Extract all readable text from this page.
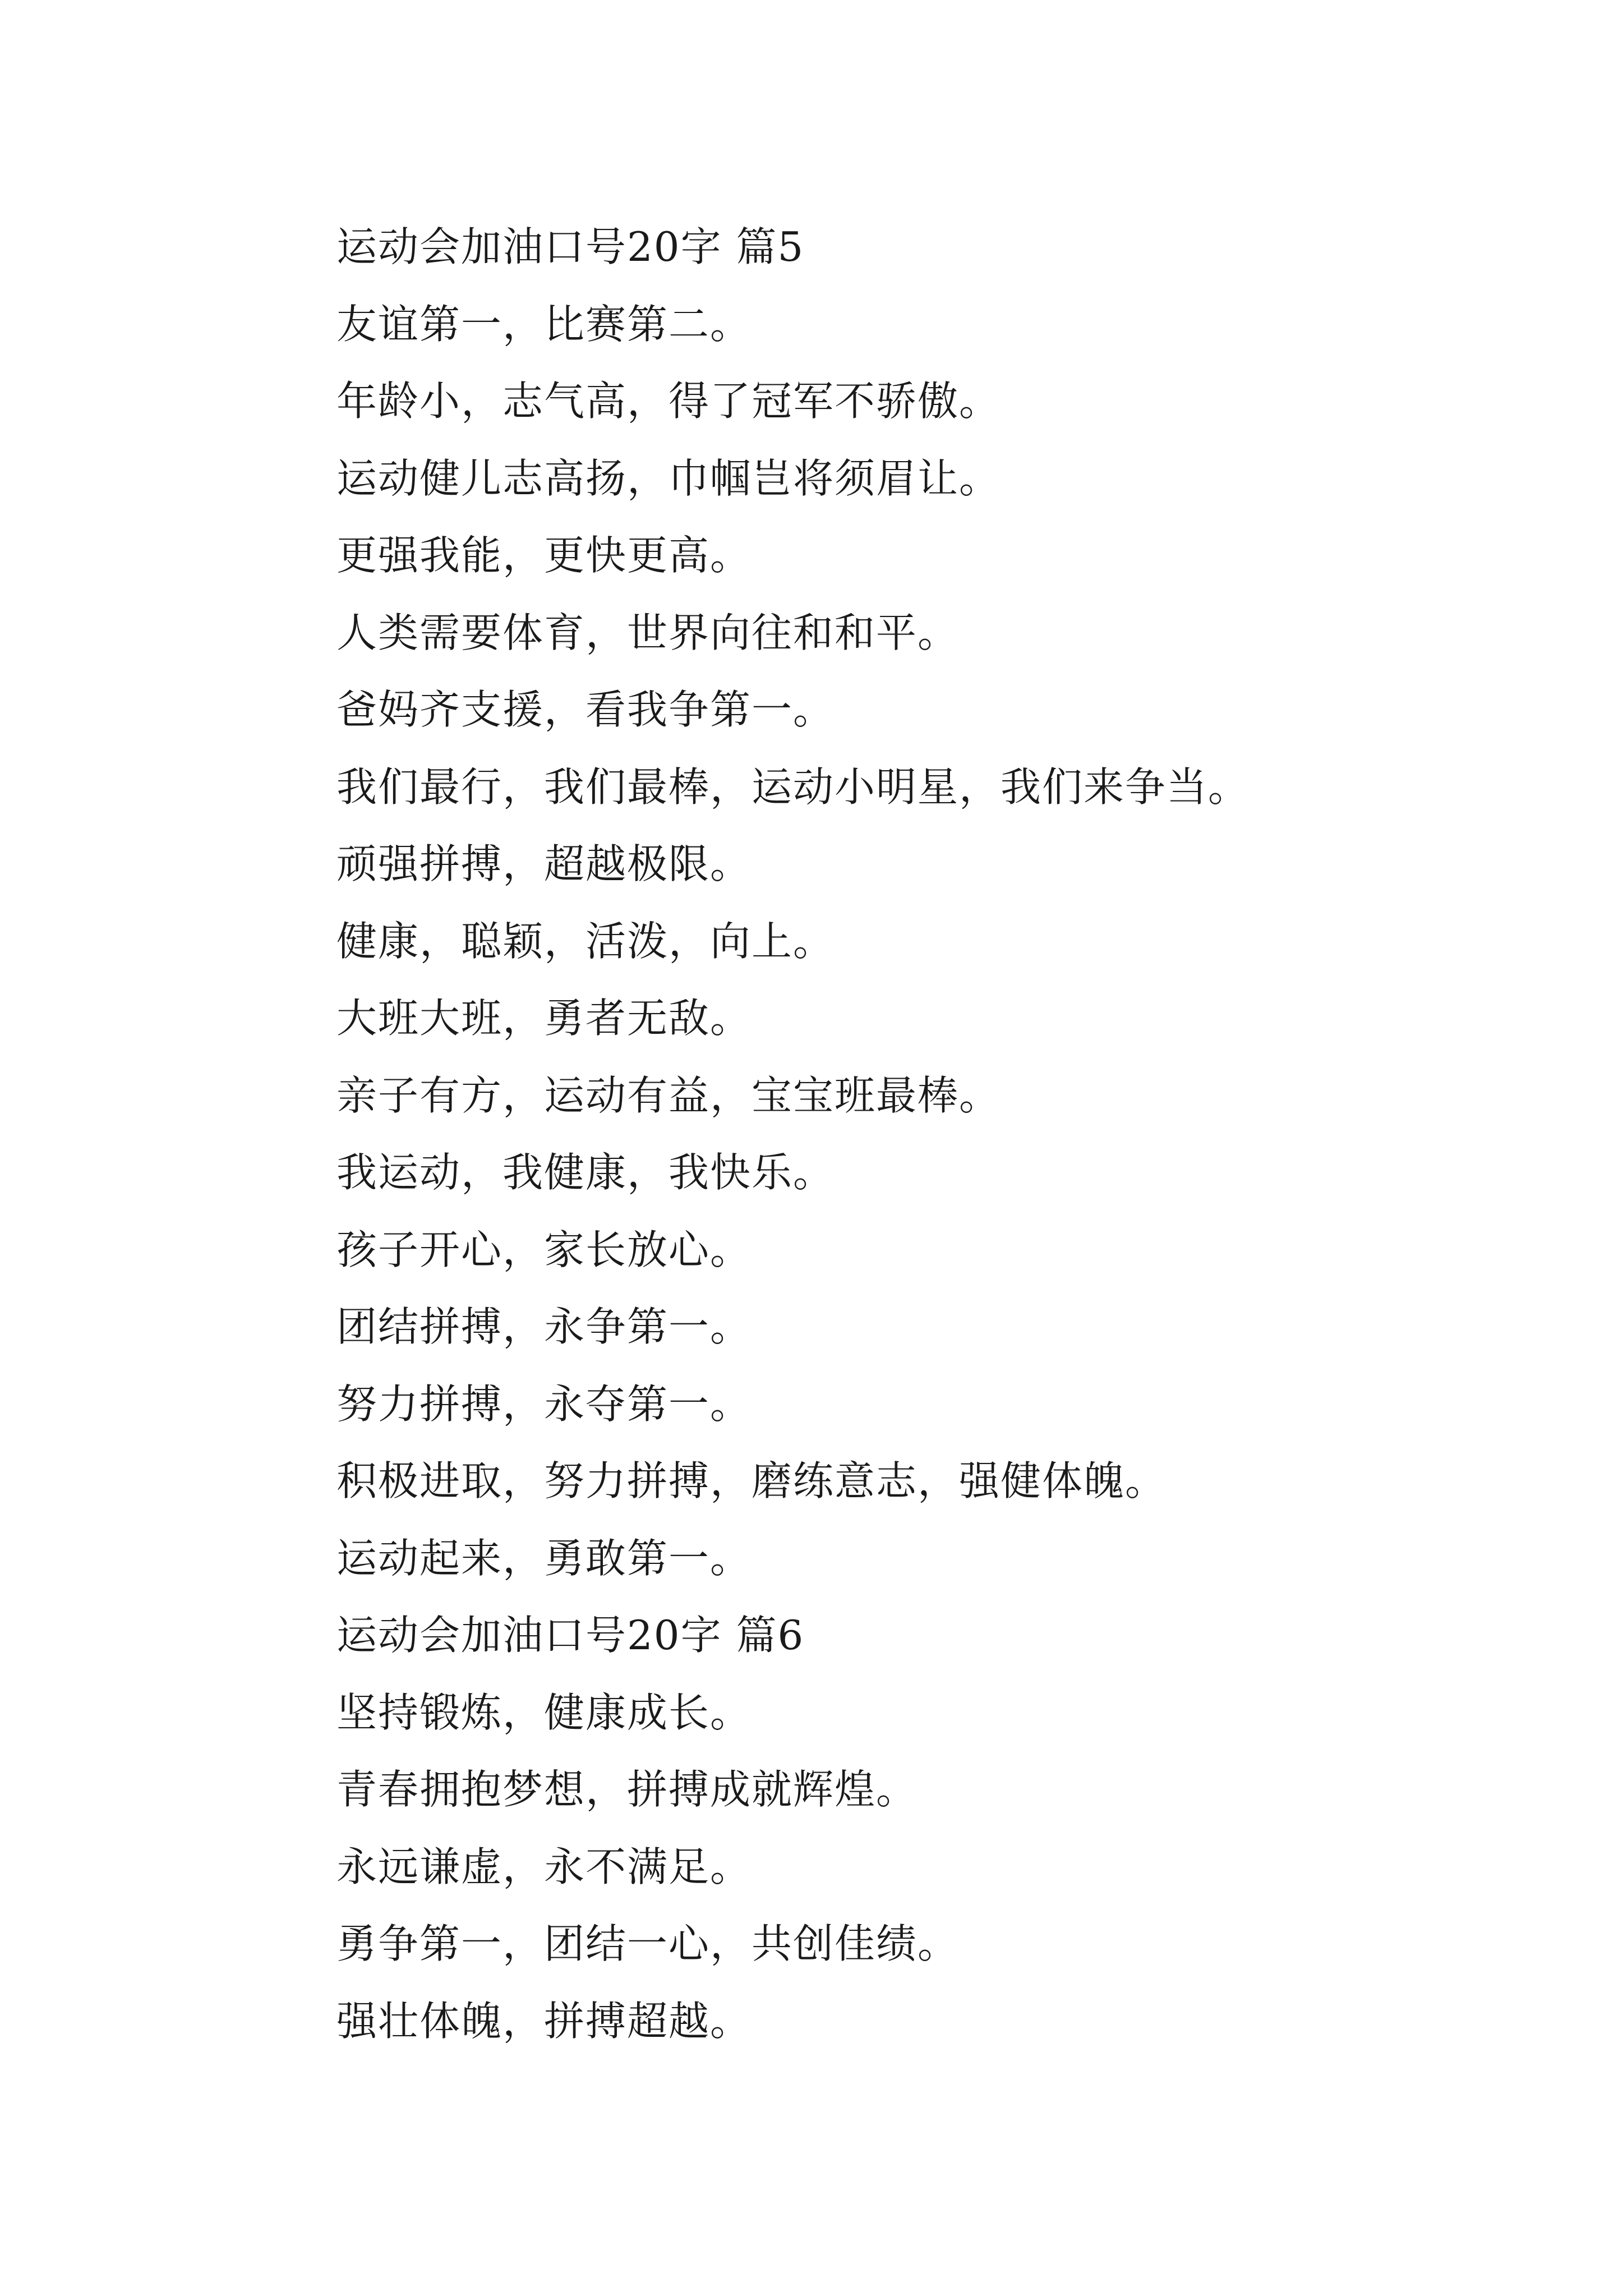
运动会加油口号20字 篇5
友谊第一，比赛第二。
年龄小，志气高，得了冠军不骄傲。
运动健儿志高扬，巾帼岂将须眉让。
更强我能，更快更高。
人类需要体育，世界向往和和平。
爸妈齐支援，看我争第一。
我们最行，我们最棒，运动小明星，我们来争当。
顽强拼搏，超越极限。
健康，聪颖，活泼，向上。
大班大班，勇者无敌。
亲子有方，运动有益，宝宝班最棒。
我运动，我健康，我快乐。
孩子开心，家长放心。
团结拼搏，永争第一。
努力拼搏，永夺第一。
积极进取，努力拼搏，磨练意志，强健体魄。
运动起来，勇敢第一。
运动会加油口号20字 篇6
坚持锻炼，健康成长。
青春拥抱梦想，拼搏成就辉煌。
永远谦虚，永不满足。
勇争第一，团结一心，共创佳绩。
强壮体魄，拼搏超越。
